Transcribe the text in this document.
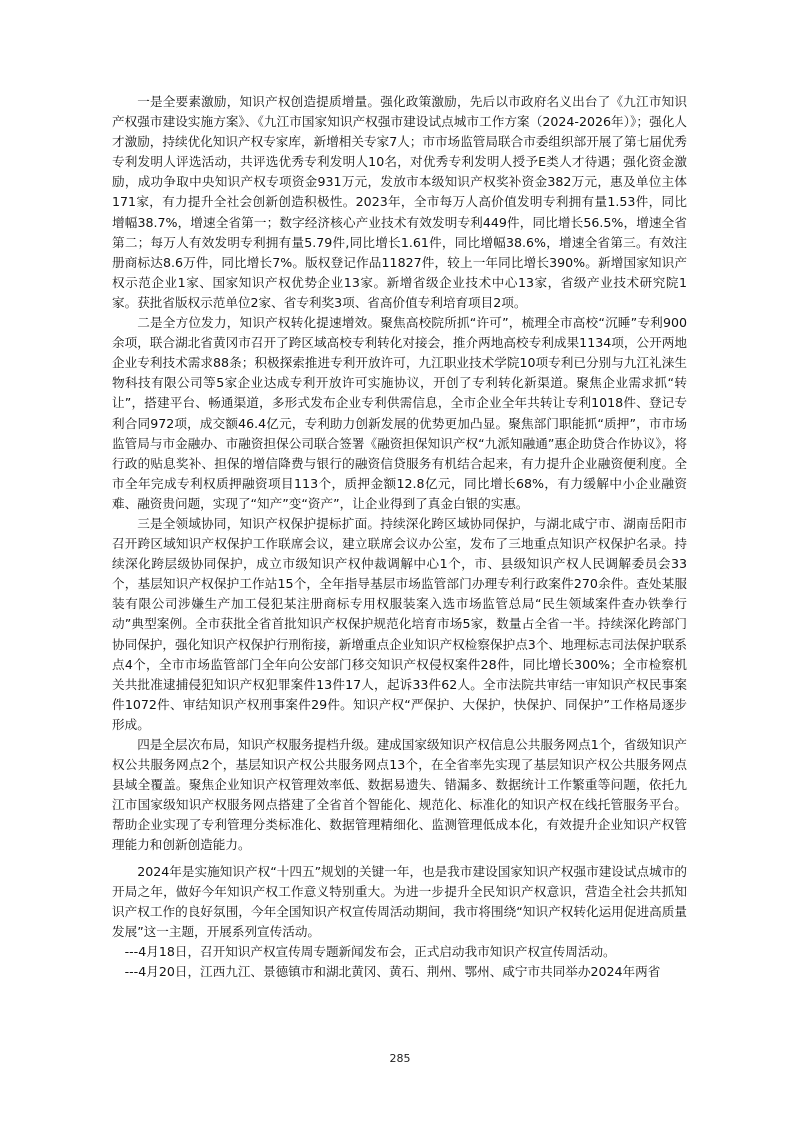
一是全要素激励，知识产权创造提质增量。强化政策激励，先后以市政府名义出台了《九江市知识产权强市建设实施方案》、《九江市国家知识产权强市建设试点城市工作方案（2024-2026年）》；强化人才激励，持续优化知识产权专家库，新增相关专家7人；市市场监管局联合市委组织部开展了第七届优秀专利发明人评选活动，共评选优秀专利发明人10名，对优秀专利发明人授予E类人才待遇；强化资金激励，成功争取中央知识产权专项资金931万元，发放市本级知识产权奖补资金382万元，惠及单位主体171家，有力提升全社会创新创造积极性。2023年，全市每万人高价值发明专利拥有量1.53件，同比增幅38.7%，增速全省第一；数字经济核心产业技术有效发明专利449件，同比增长56.5%，增速全省第二；每万人有效发明专利拥有量5.79件,同比增长1.61件，同比增幅38.6%，增速全省第三。有效注册商标达8.6万件，同比增长7%。版权登记作品11827件，较上一年同比增长390%。新增国家知识产权示范企业1家、国家知识产权优势企业13家。新增省级企业技术中心13家，省级产业技术研究院1家。获批省版权示范单位2家、省专利奖3项、省高价值专利培育项目2项。

二是全方位发力，知识产权转化提速增效。聚焦高校院所抓“许可”，梳理全市高校“沉睡”专利900余项，联合湖北省黄冈市召开了跨区域高校专利转化对接会，推介两地高校专利成果1134项，公开两地企业专利技术需求88条；积极探索推进专利开放许可，九江职业技术学院10项专利已分别与九江礼涞生物科技有限公司等5家企业达成专利开放许可实施协议，开创了专利转化新渠道。聚焦企业需求抓“转让”，搭建平台、畅通渠道，多形式发布企业专利供需信息，全市企业全年共转让专利1018件、登记专利合同972项，成交额46.4亿元，专利助力创新发展的优势更加凸显。聚焦部门职能抓“质押”，市市场监管局与市金融办、市融资担保公司联合签署《融资担保知识产权“九派知融通”惠企助贷合作协议》，将行政的贴息奖补、担保的增信降费与银行的融资信贷服务有机结合起来，有力提升企业融资便利度。全市全年完成专利权质押融资项目113个，质押金额12.8亿元，同比增长68%，有力缓解中小企业融资难、融资贵问题，实现了“知产”变“资产”，让企业得到了真金白银的实惠。

三是全领域协同，知识产权保护提标扩面。持续深化跨区域协同保护，与湖北咸宁市、湖南岳阳市召开跨区域知识产权保护工作联席会议，建立联席会议办公室，发布了三地重点知识产权保护名录。持续深化跨层级协同保护，成立市级知识产权仲裁调解中心1个，市、县级知识产权人民调解委员会33个，基层知识产权保护工作站15个，全年指导基层市场监管部门办理专利行政案件270余件。查处某服装有限公司涉嫌生产加工侵犯某注册商标专用权服装案入选市场监管总局“民生领域案件查办铁拳行动”典型案例。全市获批全省首批知识产权保护规范化培育市场5家，数量占全省一半。持续深化跨部门协同保护，强化知识产权保护行刑衔接，新增重点企业知识产权检察保护点3个、地理标志司法保护联系点4个，全市市场监管部门全年向公安部门移交知识产权侵权案件28件，同比增长300%；全市检察机关共批准逮捕侵犯知识产权犯罪案件13件17人，起诉33件62人。全市法院共审结一审知识产权民事案件1072件、审结知识产权刑事案件29件。知识产权“严保护、大保护，快保护、同保护”工作格局逐步形成。

四是全层次布局，知识产权服务提档升级。建成国家级知识产权信息公共服务网点1个，省级知识产权公共服务网点2个，基层知识产权公共服务网点13个，在全省率先实现了基层知识产权公共服务网点县域全覆盖。聚焦企业知识产权管理效率低、数据易遗失、错漏多、数据统计工作繁重等问题，依托九江市国家级知识产权服务网点搭建了全省首个智能化、规范化、标准化的知识产权在线托管服务平台。帮助企业实现了专利管理分类标准化、数据管理精细化、监测管理低成本化，有效提升企业知识产权管理能力和创新创造能力。

2024年是实施知识产权“十四五”规划的关键一年，也是我市建设国家知识产权强市建设试点城市的开局之年，做好今年知识产权工作意义特别重大。为进一步提升全民知识产权意识，营造全社会共抓知识产权工作的良好氛围，今年全国知识产权宣传周活动期间，我市将围绕“知识产权转化运用促进高质量发展”这一主题，开展系列宣传活动。

---4月18日，召开知识产权宣传周专题新闻发布会，正式启动我市知识产权宣传周活动。

---4月20日，江西九江、景德镇市和湖北黄冈、黄石、荆州、鄂州、咸宁市共同举办2024年两省

285
